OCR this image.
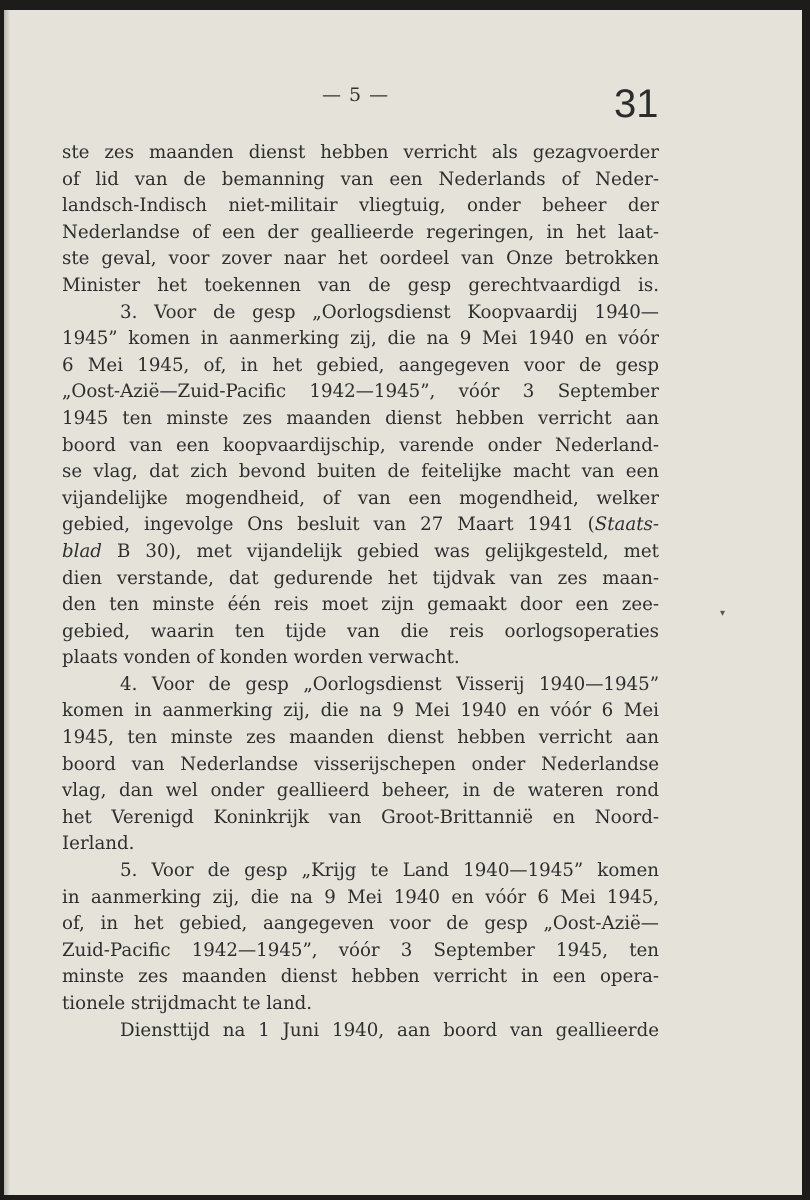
— 5 —	31
ste zes maanden dienst hebben verricht als gezagvoerder
of lid van de bemanning van een Nederlands of Neder-
landsch-Indisch niet-militair vliegtuig, onder beheer der
Nederlandse of een der geallieerde regeringen, in het laat-
ste geval, voor zover naar het oordeel van Onze betrokken
Minister het toekennen van de gesp gerechtvaardigd is.
3. Voor de gesp „Oorlogsdienst Koopvaardij 1940—
1945” komen in aanmerking zij, die na 9 Mei 1940 en vóór
6 Mei 1945, of, in het gebied, aangegeven voor de gesp
„Oost-Azië—Zuid-Pacific 1942—1945”, vóór 3 September
1945 ten minste zes maanden dienst hebben verricht aan
boord van een koopvaardijschip, varende onder Nederland-
se vlag, dat zich bevond buiten de feitelijke macht van een
vijandelijke mogendheid, of van een mogendheid, welker
gebied, ingevolge Ons besluit van 27 Maart 1941 (Staats-
blad B 30), met vijandelijk gebied was gelijkgesteld, met
dien verstande, dat gedurende het tijdvak van zes maan-
den ten minste één reis moet zijn gemaakt door een zee-
gebied, waarin ten tijde van die reis oorlogsoperaties
plaats vonden of konden worden verwacht.
4. Voor de gesp „Oorlogsdienst Visserij 1940—1945”
komen in aanmerking zij, die na 9 Mei 1940 en vóór 6 Mei
1945, ten minste zes maanden dienst hebben verricht aan
boord van Nederlandse visserijschepen onder Nederlandse
vlag, dan wel onder geallieerd beheer, in de wateren rond
het Verenigd Koninkrijk van Groot-Brittannië en Noord-
Ierland.
5. Voor de gesp „Krijg te Land 1940—1945” komen
in aanmerking zij, die na 9 Mei 1940 en vóór 6 Mei 1945,
of, in het gebied, aangegeven voor de gesp „Oost-Azië—
Zuid-Pacific 1942—1945”, vóór 3 September 1945, ten
minste zes maanden dienst hebben verricht in een opera-
tionele strijdmacht te land.
Diensttijd na 1 Juni 1940, aan boord van geallieerde
▾
